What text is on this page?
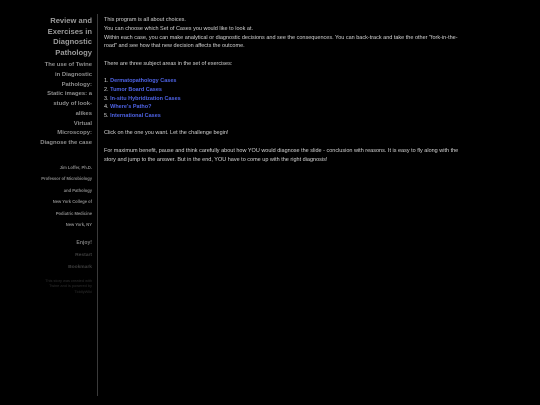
Review and
Exercises in
Diagnostic
Pathology
The use of Twine
in Diagnostic
Pathology:
Static images: a
study of look-
alikes
Virtual
Microscopy:
Diagnose the case
Jim Loffer, Ph.D.
Professor of Microbiology
and Pathology
New York College of
Podiatric Medicine
New York, NY
Enjoy!
Restart
Bookmark
This story was created with
Twine and is powered by
TiddlyWiki

This program is all about choices.

You can choose which Set of Cases you would like to look at.

Within each case, you can make analytical or diagnostic decisions and see the consequences. You can back-track and take the other "fork-in-the-road" and see how that new decision affects the outcome.

There are three subject areas in the set of exercises:

1. Dermatopathology Cases
2. Tumor Board Cases
3. In-situ Hybridization Cases
4. Where's Patho?
5. International Cases

Click on the one you want. Let the challenge begin!

For maximum benefit, pause and think carefully about how YOU would diagnose the slide - conclusion with reasons. It is easy to fly along with the story and jump to the answer. But in the end, YOU have to come up with the right diagnosis!
